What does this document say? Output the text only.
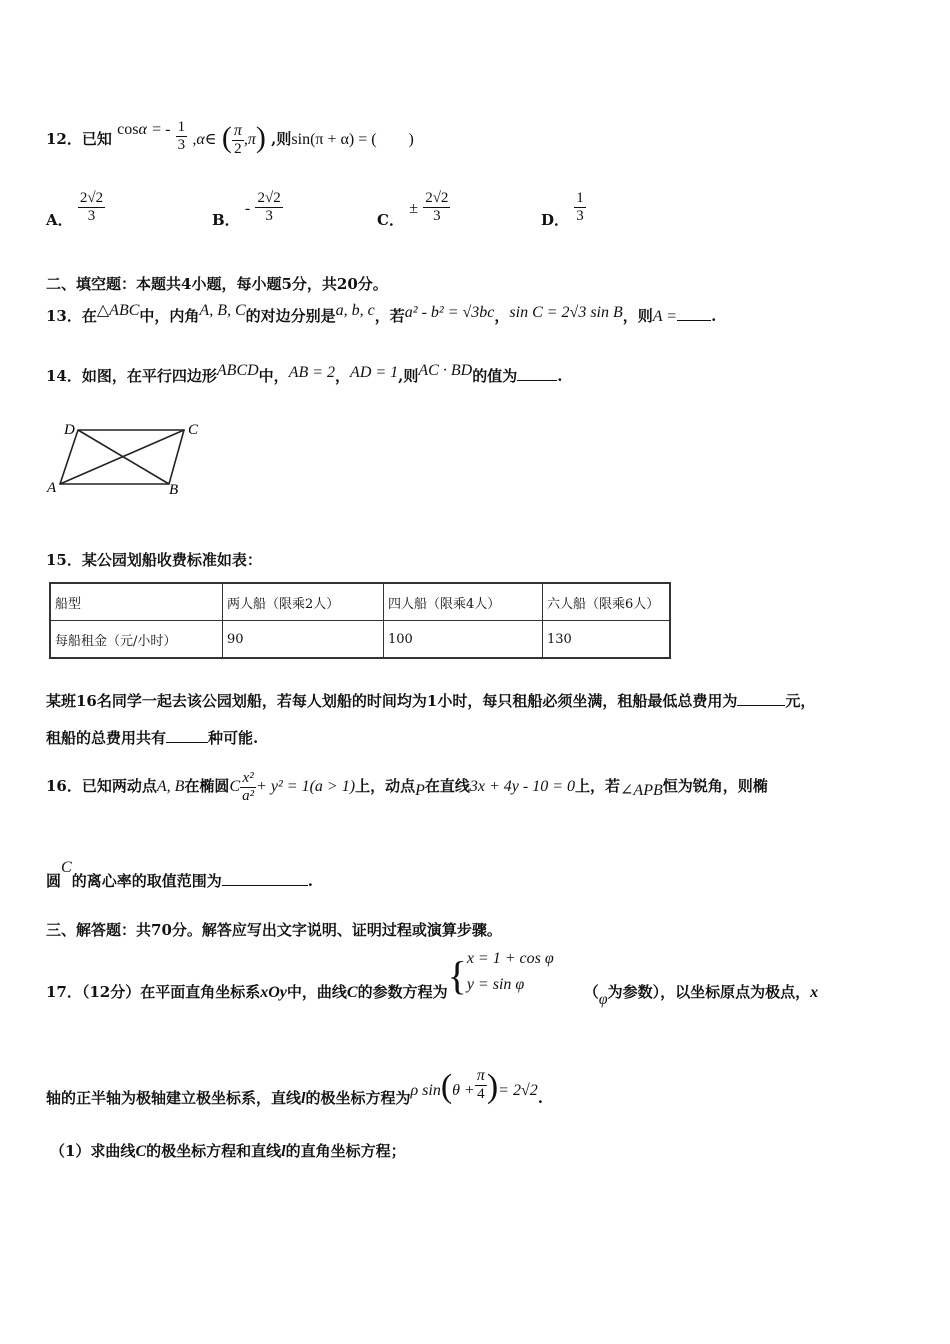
12．已知 cosα = - $\frac{1}{3}$ ,α∈ ( $\frac{\pi}{2} ,\pi$) ,则sin(π + α) = (　　)
A． $\frac{2√2}{3}$	B． - $\frac{2√2}{3}$	C． ± $\frac{2√2}{3}$	D． $\frac{1}{3}$
二、填空题：本题共4小题，每小题5分，共20分。
13．在△ABC中，内角A, B, C的对边分别是a, b, c，若a² - b² = √3bc，sin C = 2√3 sin B，则A = .
14．如图，在平行四边形ABCD中，AB = 2，AD = 1,则AC · BD的值为	.
D	C
A	B
15．某公园划船收费标准如表：
船型	两人船（限乘2人）	四人船（限乘4人）	六人船（限乘6人）
每船租金（元/小时）	90	100	130
某班16名同学一起去该公园划船，若每人划船的时间均为1小时，每只租船必须坐满，租船最低总费用为	元，
租船的总费用共有	种可能.
16．已知两动点A, B在椭圆C $\frac{\text{x²}}{\text{a²}} + y^2 = 1(a > 1)$上，动点P在直线3x + 4y - 10 = 0上，若∠APB恒为锐角，则椭
圆C的离心率的取值范围为	.
三、解答题：共70分。解答应写出文字说明、证明过程或演算步骤。
17．（12分）在平面直角坐标系xOy中，曲线C的参数方程为{ x = 1 + cos φ
y = sin φ	（φ为参数），以坐标原点为极点，x
轴的正半轴为极轴建立极坐标系，直线l的极坐标方程为ρ $\sin(\theta + \frac{\pi}{4}$ )= 2√2.
（1）求曲线C的极坐标方程和直线l的直角坐标方程；
